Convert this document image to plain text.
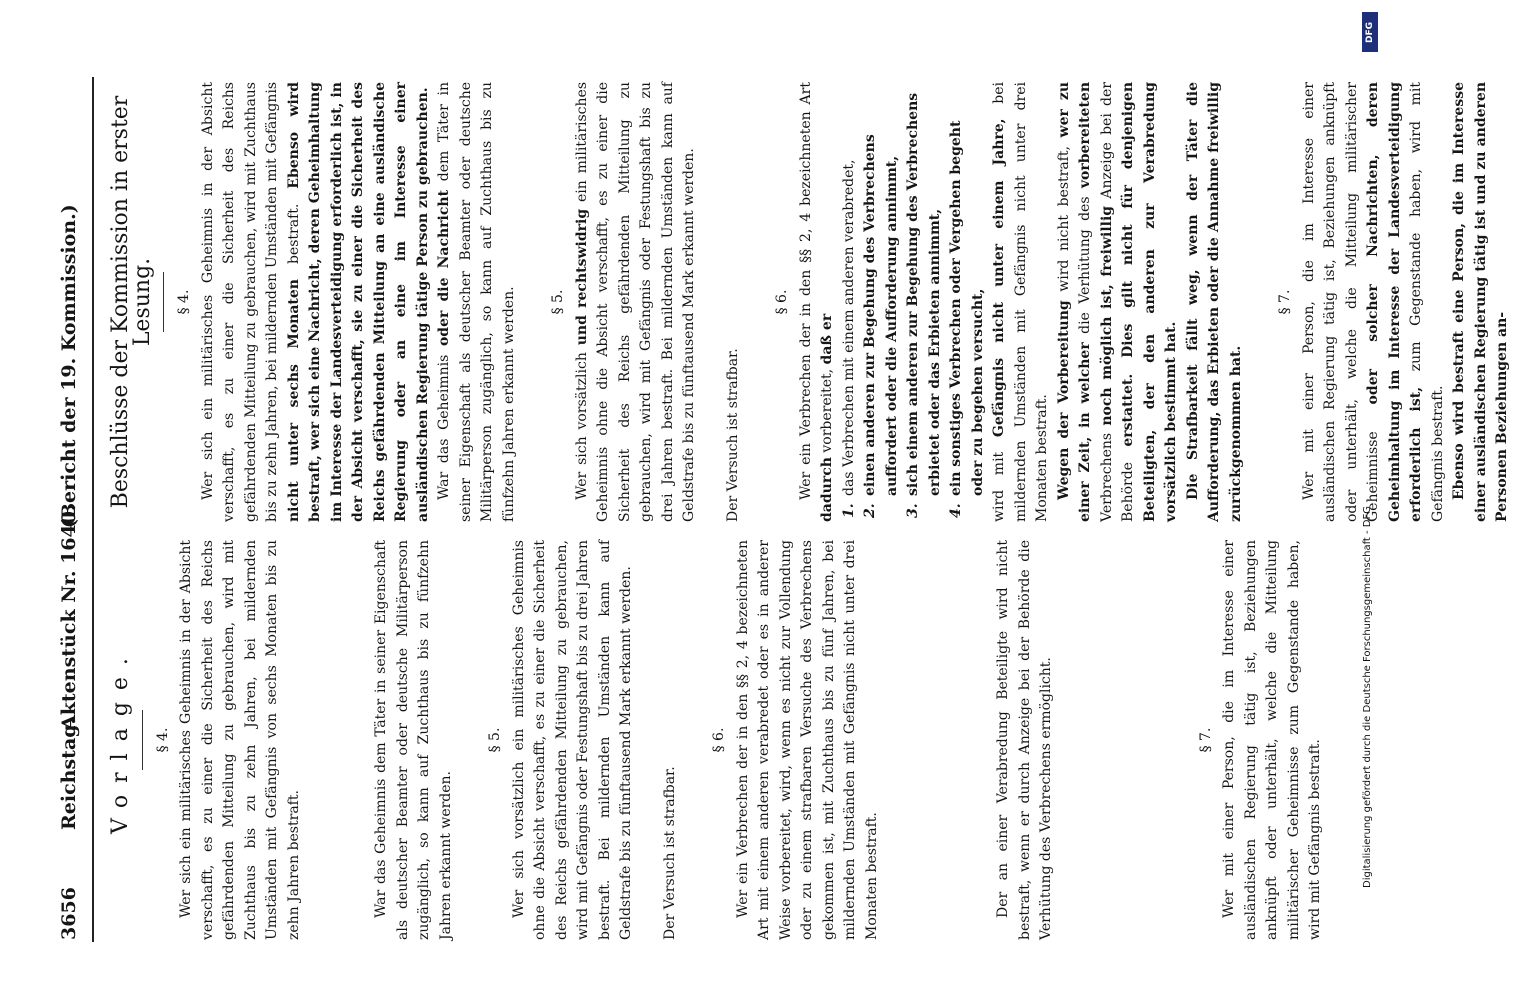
3656
Reichstag.
Aktenstück Nr. 1640.
(Bericht der 19. Kommission.)
Vorlage. § 4. Wer sich ein militärisches Geheimnis in der Absicht verschafft, es zu einer die Sicherheit des Reichs gefährdenden Mitteilung zu gebrauchen, wird mit Zuchthaus bis zu zehn Jahren, bei mildernden Umständen mit Gefängnis von sechs Monaten bis zu zehn Jahren bestraft.	War das Geheimnis dem Täter in seiner Eigenschaft als deutscher Beamter oder deutsche Militärperson zugänglich, so kann auf Zuchthaus bis zu fünfzehn Jahren erkannt werden.

§ 5. Wer sich vorsätzlich ein militärisches Geheimnis ohne die Absicht verschafft, es zu einer die Sicherheit des Reichs gefährdenden Mitteilung zu gebrauchen, wird mit Gefängnis oder Festungshaft bis zu drei Jahren bestraft. Bei mildernden Umständen kann auf Geldstrafe bis zu fünftausend Mark erkannt werden. Der Versuch ist strafbar.

§ 6. Wer ein Verbrechen der in den §§ 2, 4 bezeichneten Art mit einem anderen verabredet oder es in anderer Weise vorbereitet, wird, wenn es nicht zur Vollendung oder zu einem strafbaren Versuche des Verbrechens gekommen ist, mit Zuchthaus bis zu fünf Jahren, bei mildernden Umständen mit Gefängnis nicht unter drei Monaten bestraft.	Der an einer Verabredung Beteiligte wird nicht bestraft, wenn er durch Anzeige bei der Behörde die Verhütung des Verbrechens ermöglicht.	§ 7. Wer mit einer Person, die im Interesse einer ausländischen Regierung tätig ist, Beziehungen anknüpft oder unterhält, welche die Mitteilung militärischer Geheimnisse zum Gegenstande haben, wird mit Gefängnis bestraft.

Beschlüsse der Kommission in erster Lesung. § 4. Wer sich ein militärisches Geheimnis in der Absicht verschafft, es zu einer die Sicherheit des Reichs gefährdenden Mitteilung zu gebrauchen, wird mit Zuchthaus bis zu zehn Jahren, bei mildernden Umständen mit Gefängnis nicht unter sechs Monaten bestraft. Ebenso wird bestraft, wer sich eine Nachricht, deren Geheimhaltung im Interesse der Landesverteidigung erforderlich ist, in der Absicht verschafft, sie zu einer die Sicherheit des Reichs gefährdenden Mitteilung an eine ausländische Regierung oder an eine im Interesse einer ausländischen Regierung tätige Person zu gebrauchen. War das Geheimnis oder die Nachricht dem Täter in seiner Eigenschaft als deutscher Beamter oder deutsche Militärperson zugänglich, so kann auf Zuchthaus bis zu fünfzehn Jahren erkannt werden. § 5.

Wer sich vorsätzlich und rechtswidrig ein militärisches Geheimnis ohne die Absicht verschafft, es zu einer die Sicherheit des Reichs gefährdenden Mitteilung zu gebrauchen, wird mit Gefängnis oder Festungshaft bis zu drei Jahren bestraft. Bei mildernden Umständen kann auf Geldstrafe bis zu fünftausend Mark erkannt werden. Der Versuch ist strafbar.

§ 6. Wer ein Verbrechen der in den §§ 2, 4 bezeichneten Art dadurch vorbereitet, daß er

1.das Verbrechen mit einem anderen verabredet,
2.einen anderen zur Begehung des Verbrechens auffordert oder die Aufforderung annimmt,
3.sich einem anderen zur Begehung des Verbrechens erbietet oder das Erbieten annimmt,
4.ein sonstiges Verbrechen oder Vergehen begeht oder zu begehen versucht, wird mit Gefängnis nicht unter einem Jahre, bei mildernden Umständen mit Gefängnis nicht unter drei Monaten bestraft. Wegen der Vorbereitung wird nicht bestraft, wer zu einer Zeit, in welcher die Verhütung des vorbereiteten Verbrechens noch möglich ist, freiwillig Anzeige bei der Behörde erstattet. Dies gilt nicht für denjenigen Beteiligten, der den anderen zur Verabredung vorsätzlich bestimmt hat. Die Strafbarkeit fällt weg, wenn der Täter die Aufforderung, das Erbieten oder die Annahme freiwillig zurückgenommen hat.

§ 7. Wer mit einer Person, die im Interesse einer ausländischen Regierung tätig ist, Beziehungen anknüpft oder unterhält, welche die Mitteilung militärischer Geheimnisse oder solcher Nachrichten, deren Geheimhaltung im Interesse der Landesverteidigung erforderlich ist, zum Gegenstande haben, wird mit Gefängnis bestraft. Ebenso wird bestraft eine Person, die im Interesse einer ausländischen Regierung tätig ist und zu anderen Personen Beziehungen an-

DFG
Digitalisierung gefördert durch die Deutsche Forschungsgemeinschaft - DFG
